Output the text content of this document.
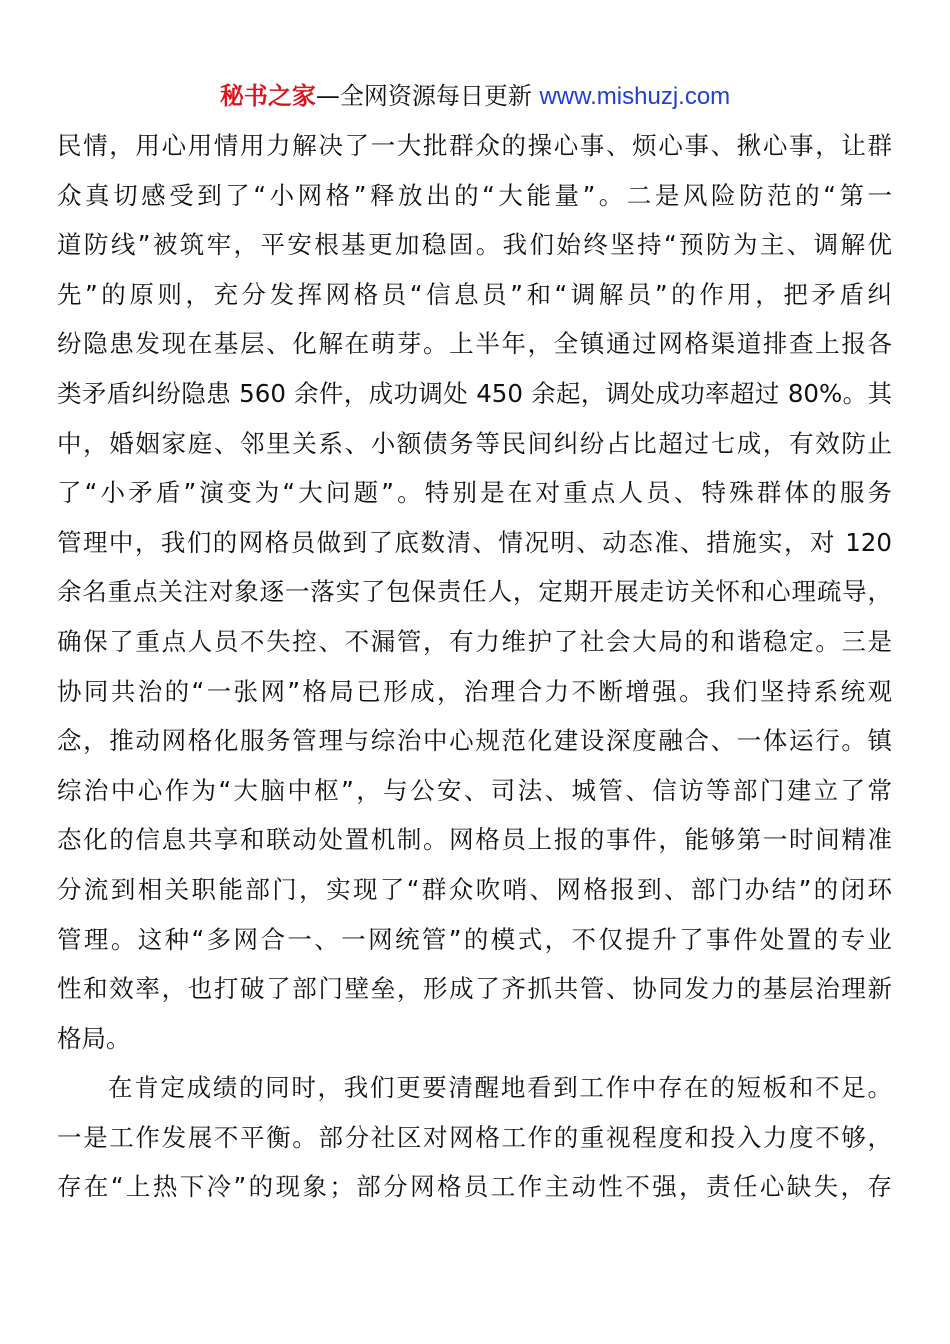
秘书之家—全网资源每日更新 www.mishuzj.com
民情，用心用情用力解决了一大批群众的操心事、烦心事、揪心事，让群
众真切感受到了“小网格”释放出的“大能量”。二是风险防范的“第一
道防线”被筑牢，平安根基更加稳固。我们始终坚持“预防为主、调解优
先”的原则，充分发挥网格员“信息员”和“调解员”的作用，把矛盾纠
纷隐患发现在基层、化解在萌芽。上半年，全镇通过网格渠道排查上报各
类矛盾纠纷隐患 560 余件，成功调处 450 余起，调处成功率超过 80%。其
中，婚姻家庭、邻里关系、小额债务等民间纠纷占比超过七成，有效防止
了“小矛盾”演变为“大问题”。特别是在对重点人员、特殊群体的服务
管理中，我们的网格员做到了底数清、情况明、动态准、措施实，对 120
余名重点关注对象逐一落实了包保责任人，定期开展走访关怀和心理疏导，
确保了重点人员不失控、不漏管，有力维护了社会大局的和谐稳定。三是
协同共治的“一张网”格局已形成，治理合力不断增强。我们坚持系统观
念，推动网格化服务管理与综治中心规范化建设深度融合、一体运行。镇
综治中心作为“大脑中枢”，与公安、司法、城管、信访等部门建立了常
态化的信息共享和联动处置机制。网格员上报的事件，能够第一时间精准
分流到相关职能部门，实现了“群众吹哨、网格报到、部门办结”的闭环
管理。这种“多网合一、一网统管”的模式，不仅提升了事件处置的专业
性和效率，也打破了部门壁垒，形成了齐抓共管、协同发力的基层治理新
格局。
在肯定成绩的同时，我们更要清醒地看到工作中存在的短板和不足。
一是工作发展不平衡。部分社区对网格工作的重视程度和投入力度不够，
存在“上热下冷”的现象；部分网格员工作主动性不强，责任心缺失，存
